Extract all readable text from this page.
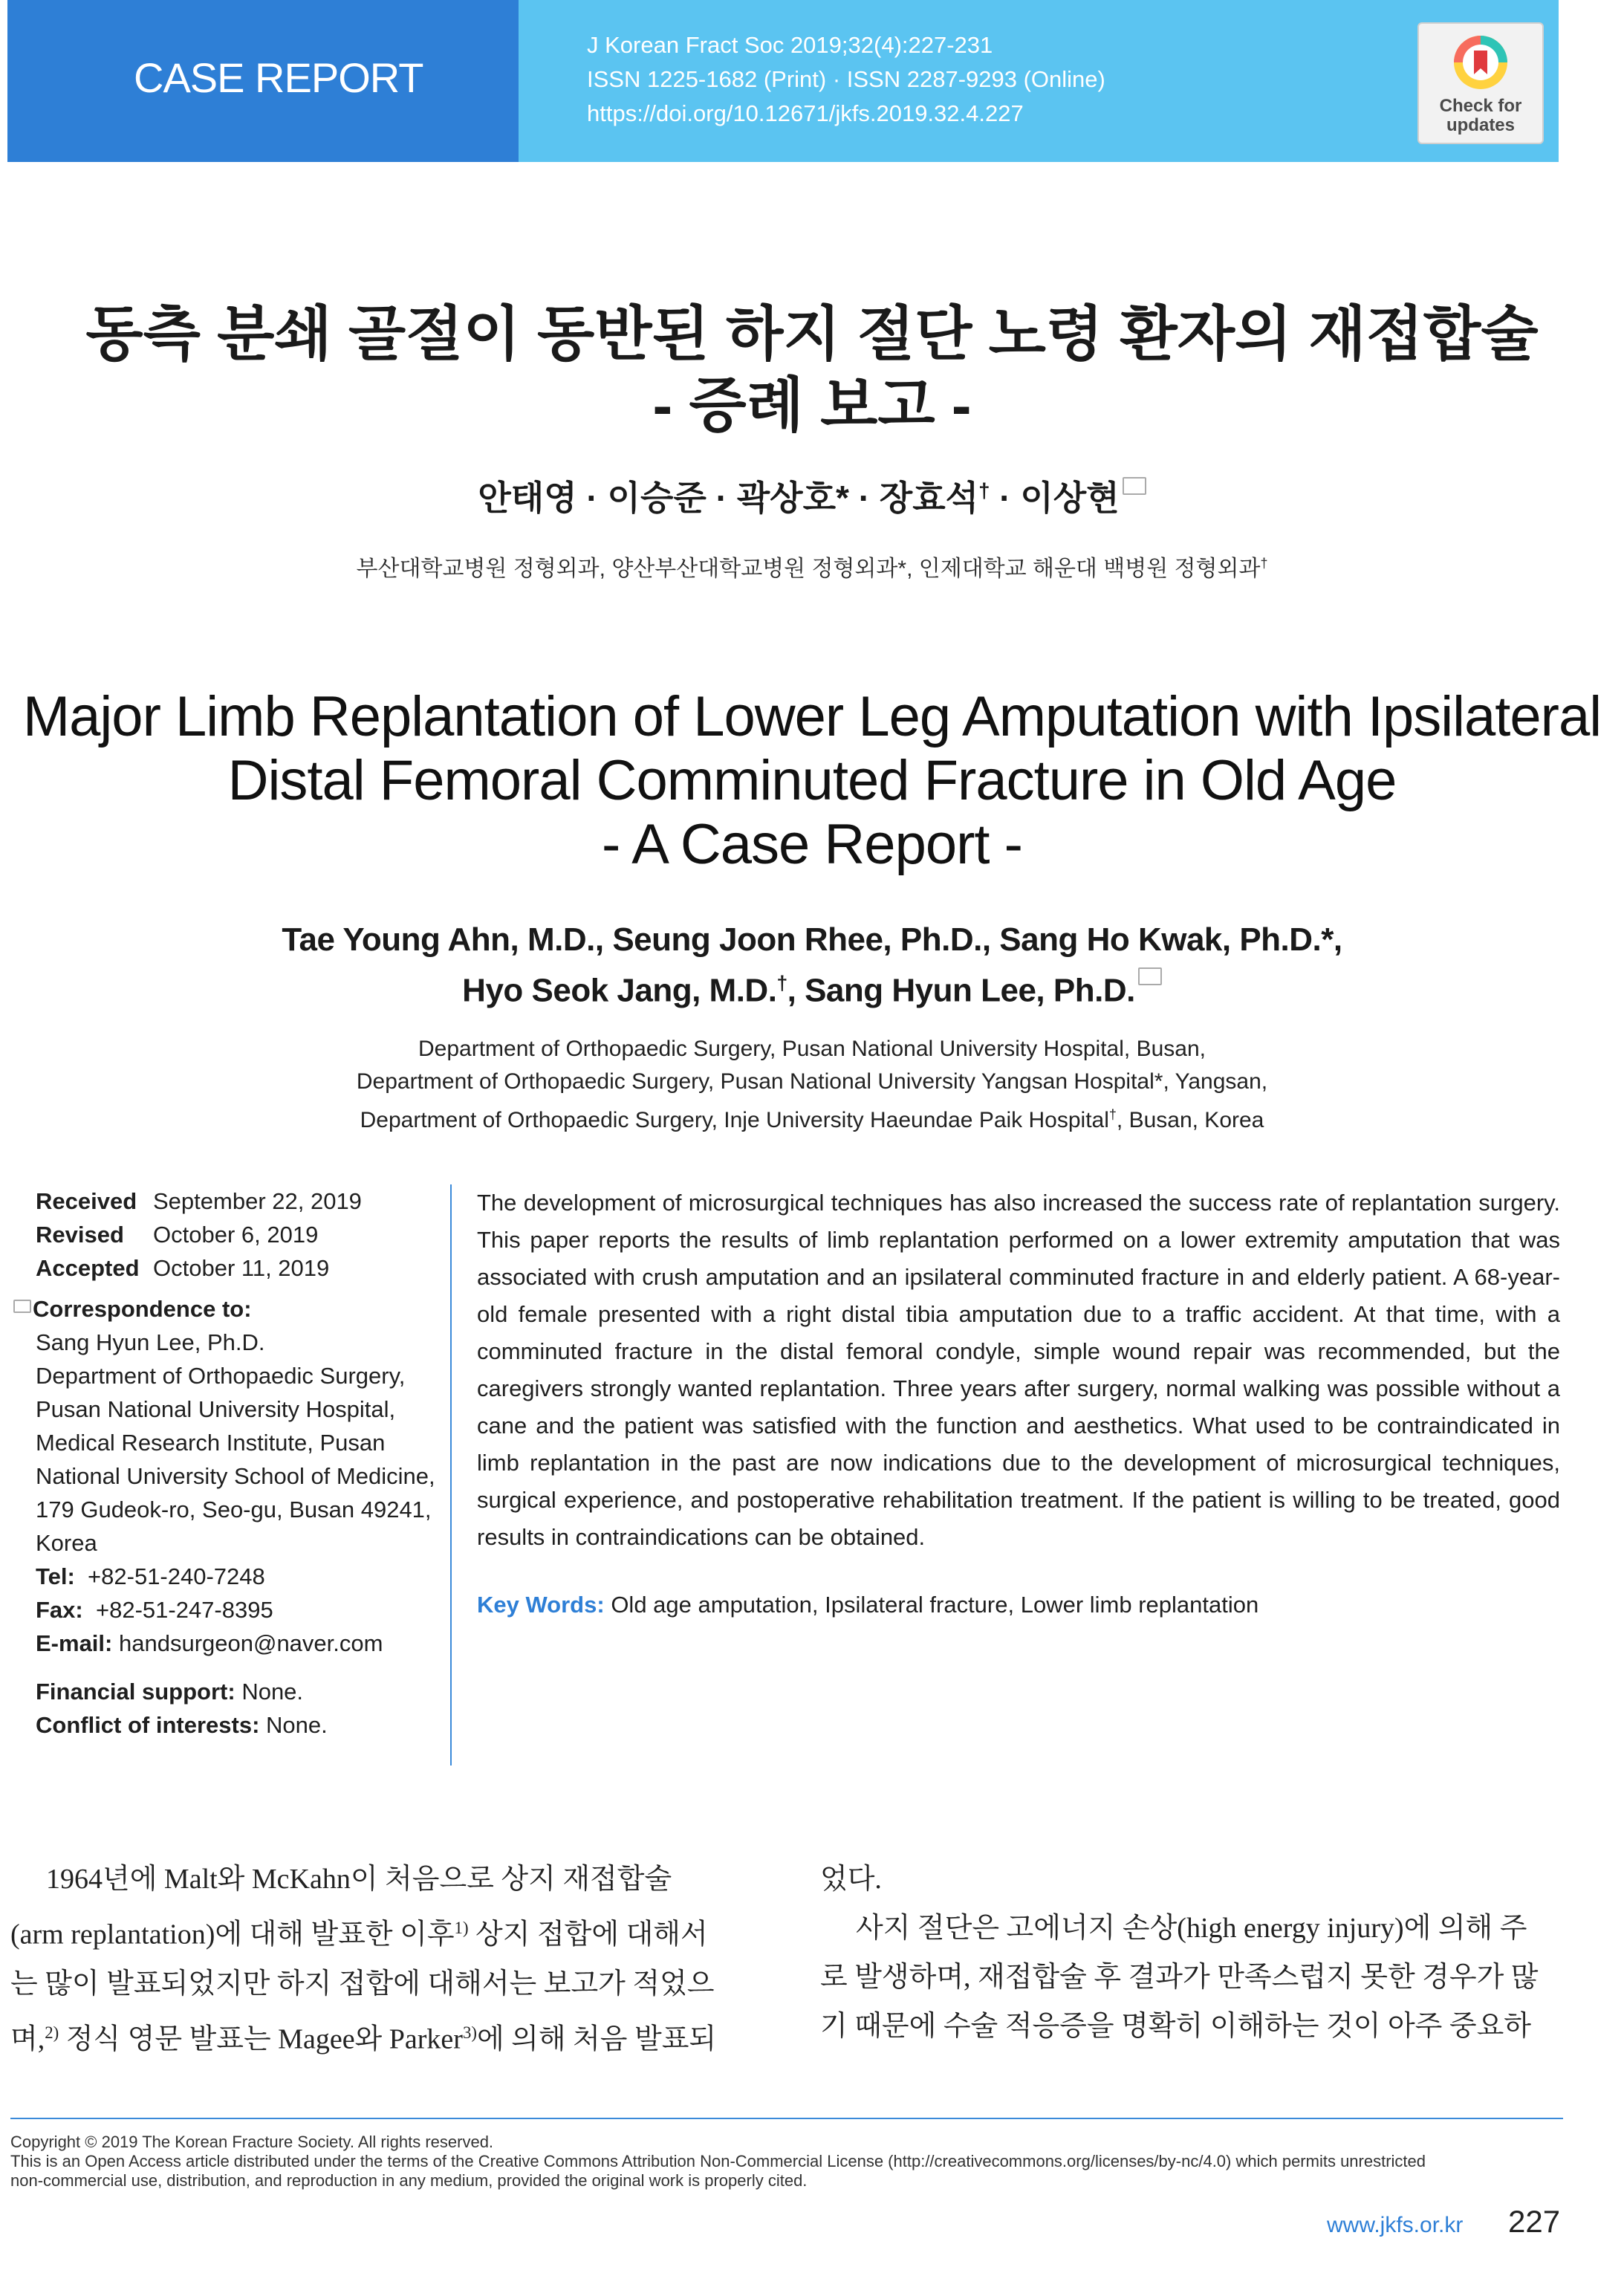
CASE REPORT
J Korean Fract Soc 2019;32(4):227-231
ISSN 1225-1682 (Print) · ISSN 2287-9293 (Online)
https://doi.org/10.12671/jkfs.2019.32.4.227	Check for
updates
동측 분쇄 골절이 동반된 하지 절단 노령 환자의 재접합술
- 증례 보고 -
안태영 · 이승준 · 곽상호* · 장효석† · 이상현
부산대학교병원 정형외과, 양산부산대학교병원 정형외과*, 인제대학교 해운대 백병원 정형외과†
Major Limb Replantation of Lower Leg Amputation with Ipsilateral
Distal Femoral Comminuted Fracture in Old Age
- A Case Report -
Tae Young Ahn, M.D., Seung Joon Rhee, Ph.D., Sang Ho Kwak, Ph.D.*,
Hyo Seok Jang, M.D.†, Sang Hyun Lee, Ph.D.
Department of Orthopaedic Surgery, Pusan National University Hospital, Busan,
Department of Orthopaedic Surgery, Pusan National University Yangsan Hospital*, Yangsan,
Department of Orthopaedic Surgery, Inje University Haeundae Paik Hospital†, Busan, Korea
Received September 22, 2019
Revised October 6, 2019
Accepted October 11, 2019
Correspondence to:
Sang Hyun Lee, Ph.D.
Department of Orthopaedic Surgery,
Pusan National University Hospital,
Medical Research Institute, Pusan
National University School of Medicine,
179 Gudeok-ro, Seo-gu, Busan 49241,
Korea
Tel: +82-51-240-7248
Fax: +82-51-247-8395
E-mail: handsurgeon@naver.com
Financial support: None.
Conflict of interests: None.
The development of microsurgical techniques has also increased the success rate of replantation surgery. This paper reports the results of limb replantation performed on a lower extremity amputation that was associated with crush amputation and an ipsilateral comminuted fracture in and elderly patient. A 68-year-old female presented with a right distal tibia amputation due to a traffic accident. At that time, with a comminuted fracture in the distal femoral condyle, simple wound repair was recommended, but the caregivers strongly wanted replantation. Three years after surgery, normal walking was possible without a cane and the patient was satisfied with the function and aesthetics. What used to be contraindicated in limb replantation in the past are now indications due to the development of microsurgical techniques, surgical experience, and postoperative rehabilitation treatment. If the patient is willing to be treated, good results in contraindications can be obtained.
Key Words: Old age amputation, Ipsilateral fracture, Lower limb replantation
1964년에 Malt와 McKahn이 처음으로 상지 재접합술
(arm replantation)에 대해 발표한 이후$^{1)}$ 상지 접합에 대해서
는 많이 발표되었지만 하지 접합에 대해서는 보고가 적었으
며,$^{2)}$ 정식 영문 발표는 Magee와 Parker$^{3)}$에 의해 처음 발표되
었다.
사지 절단은 고에너지 손상(high energy injury)에 의해 주
로 발생하며, 재접합술 후 결과가 만족스럽지 못한 경우가 많
기 때문에 수술 적응증을 명확히 이해하는 것이 아주 중요하
Copyright © 2019 The Korean Fracture Society. All rights reserved.
This is an Open Access article distributed under the terms of the Creative Commons Attribution Non-Commercial License (http://creativecommons.org/licenses/by-nc/4.0) which permits unrestricted
non-commercial use, distribution, and reproduction in any medium, provided the original work is properly cited.
www.jkfs.or.kr 227
